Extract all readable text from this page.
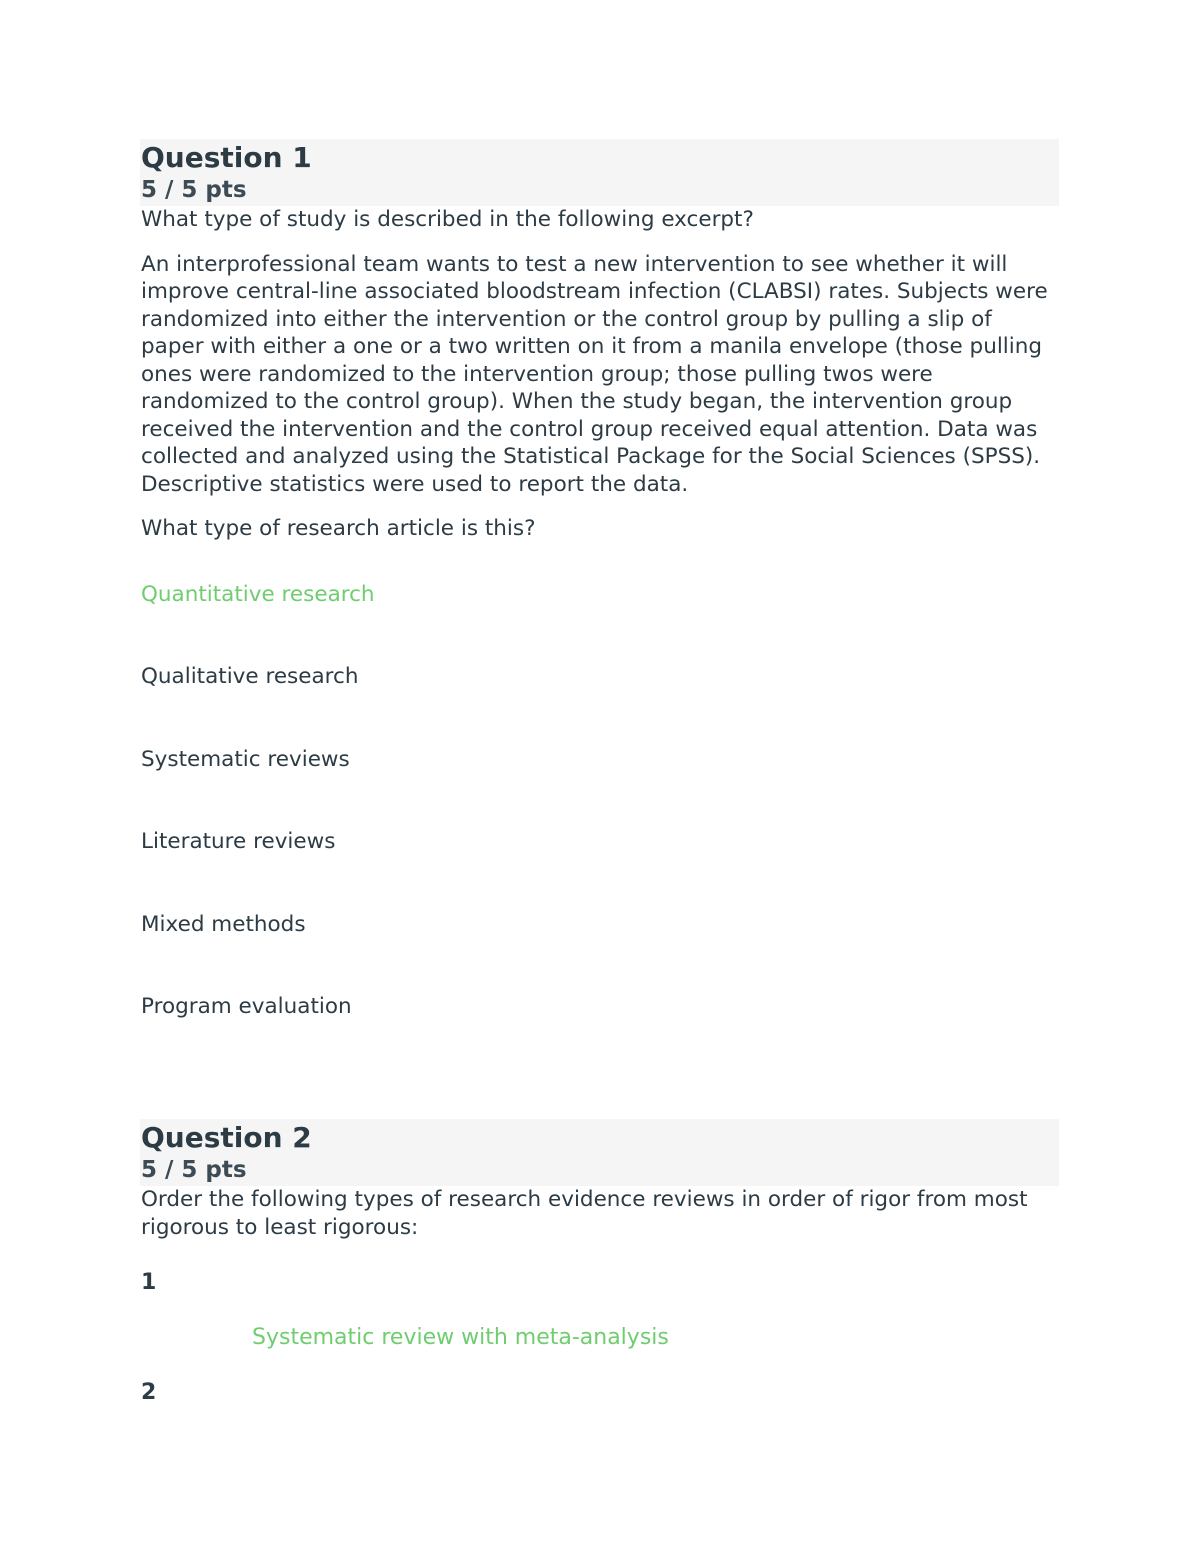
Question 1
5 / 5 pts

What type of study is described in the following excerpt?

An interprofessional team wants to test a new intervention to see whether it will improve central-line associated bloodstream infection (CLABSI) rates. Subjects were randomized into either the intervention or the control group by pulling a slip of paper with either a one or a two written on it from a manila envelope (those pulling ones were randomized to the intervention group; those pulling twos were randomized to the control group). When the study began, the intervention group received the intervention and the control group received equal attention. Data was collected and analyzed using the Statistical Package for the Social Sciences (SPSS). Descriptive statistics were used to report the data.

What type of research article is this?

Quantitative research
Qualitative research
Systematic reviews
Literature reviews
Mixed methods
Program evaluation
Question 2
5 / 5 pts

Order the following types of research evidence reviews in order of rigor from most rigorous to least rigorous:

1
Systematic review with meta-analysis
2
